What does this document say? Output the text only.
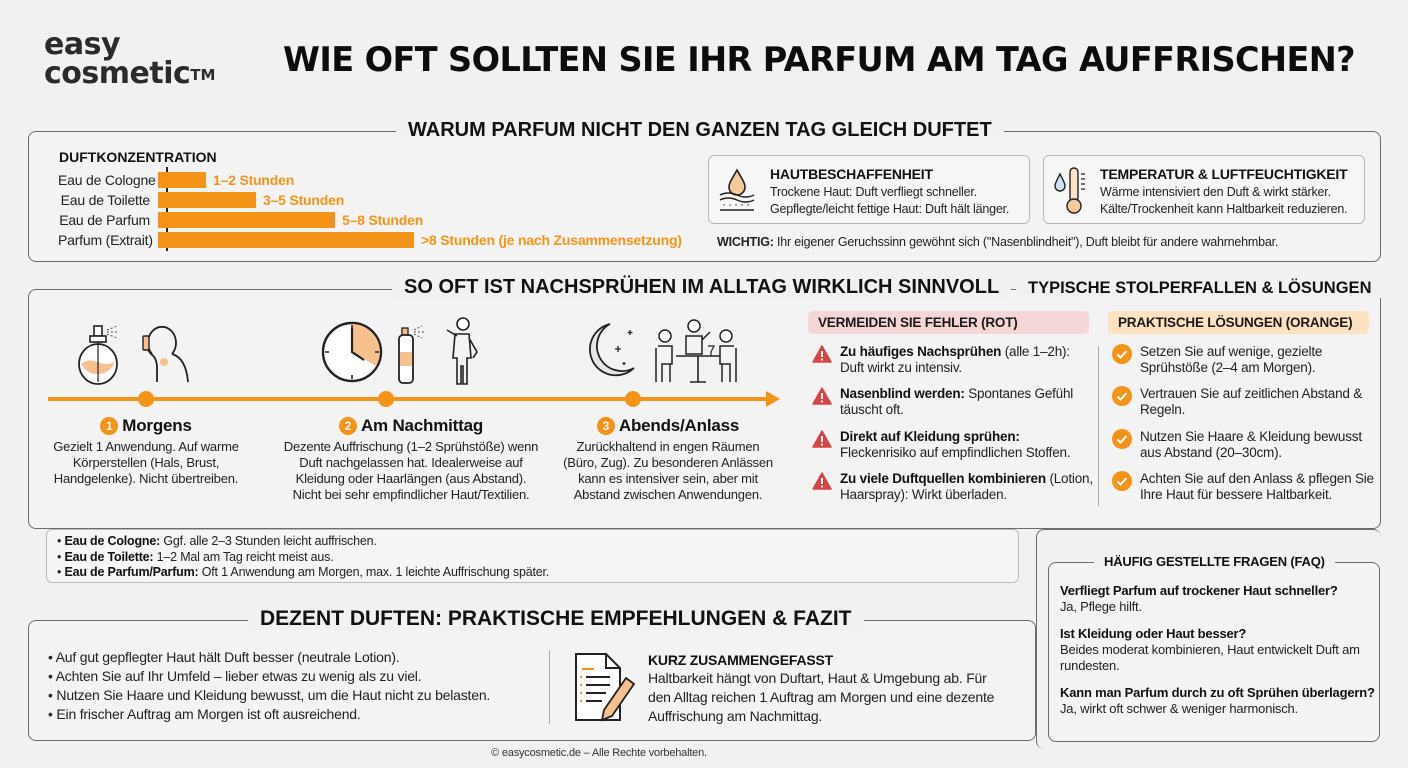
easy
cosmetic™ WIE OFT SOLLTEN SIE IHR PARFUM AM TAG AUFFRISCHEN?
WARUM PARFUM NICHT DEN GANZEN TAG GLEICH DUFTET
DUFTKONZENTRATION
Eau de Cologne	1–2 Stunden
Eau de Toilette	3–5 Stunden
Eau de Parfum	5–8 Stunden
Parfum (Extrait)	>8 Stunden (je nach Zusammensetzung)
HAUTBESCHAFFENHEIT
Trockene Haut: Duft verfliegt schneller.
Gepflegte/leicht fettige Haut: Duft hält länger.
TEMPERATUR & LUFTFEUCHTIGKEIT
Wärme intensiviert den Duft & wirkt stärker.
Kälte/Trockenheit kann Haltbarkeit reduzieren.
WICHTIG: Ihr eigener Geruchssinn gewöhnt sich ("Nasenblindheit"), Duft bleibt für andere wahrnehmbar.
SO OFT IST NACHSPRÜHEN IM ALLTAG WIRKLICH SINNVOLL	TYPISCHE STOLPERFALLEN & LÖSUNGEN
1 Morgens
Gezielt 1 Anwendung. Auf warme Körperstellen (Hals, Brust, Handgelenke). Nicht übertreiben.
2 Am Nachmittag
Dezente Auffrischung (1–2 Sprühstöße) wenn Duft nachgelassen hat. Idealerweise auf Kleidung oder Haarlängen (aus Abstand). Nicht bei sehr empfindlicher Haut/Textilien.
3 Abends/Anlass
Zurückhaltend in engen Räumen (Büro, Zug). Zu besonderen Anlässen kann es intensiver sein, aber mit Abstand zwischen Anwendungen.
• Eau de Cologne: Ggf. alle 2–3 Stunden leicht auffrischen.
• Eau de Toilette: 1–2 Mal am Tag reicht meist aus.
• Eau de Parfum/Parfum: Oft 1 Anwendung am Morgen, max. 1 leichte Auffrischung später.
VERMEIDEN SIE FEHLER (ROT)	PRAKTISCHE LÖSUNGEN (ORANGE)
Zu häufiges Nachsprühen (alle 1–2h): Duft wirkt zu intensiv.
Nasenblind werden: Spontanes Gefühl täuscht oft.
Direkt auf Kleidung sprühen: Fleckenrisiko auf empfindlichen Stoffen.
Zu viele Duftquellen kombinieren (Lotion, Haarspray): Wirkt überladen.
Setzen Sie auf wenige, gezielte Sprühstöße (2–4 am Morgen).
Vertrauen Sie auf zeitlichen Abstand & Regeln.
Nutzen Sie Haare & Kleidung bewusst aus Abstand (20–30cm).
Achten Sie auf den Anlass & pflegen Sie Ihre Haut für bessere Haltbarkeit.
Verfliegt Parfum auf trockener Haut schneller?
Ja, Pflege hilft.
Ist Kleidung oder Haut besser?
Beides moderat kombinieren, Haut entwickelt Duft am rundesten.
Kann man Parfum durch zu oft Sprühen überlagern?
Ja, wirkt oft schwer & weniger harmonisch.
HÄUFIG GESTELLTE FRAGEN (FAQ)
DEZENT DUFTEN: PRAKTISCHE EMPFEHLUNGEN & FAZIT
• Auf gut gepflegter Haut hält Duft besser (neutrale Lotion).
• Achten Sie auf Ihr Umfeld – lieber etwas zu wenig als zu viel.
• Nutzen Sie Haare und Kleidung bewusst, um die Haut nicht zu belasten.
• Ein frischer Auftrag am Morgen ist oft ausreichend.
KURZ ZUSAMMENGEFASST
Haltbarkeit hängt von Duftart, Haut & Umgebung ab. Für den Alltag reichen 1 Auftrag am Morgen und eine dezente Auffrischung am Nachmittag.
© easycosmetic.de – Alle Rechte vorbehalten.
